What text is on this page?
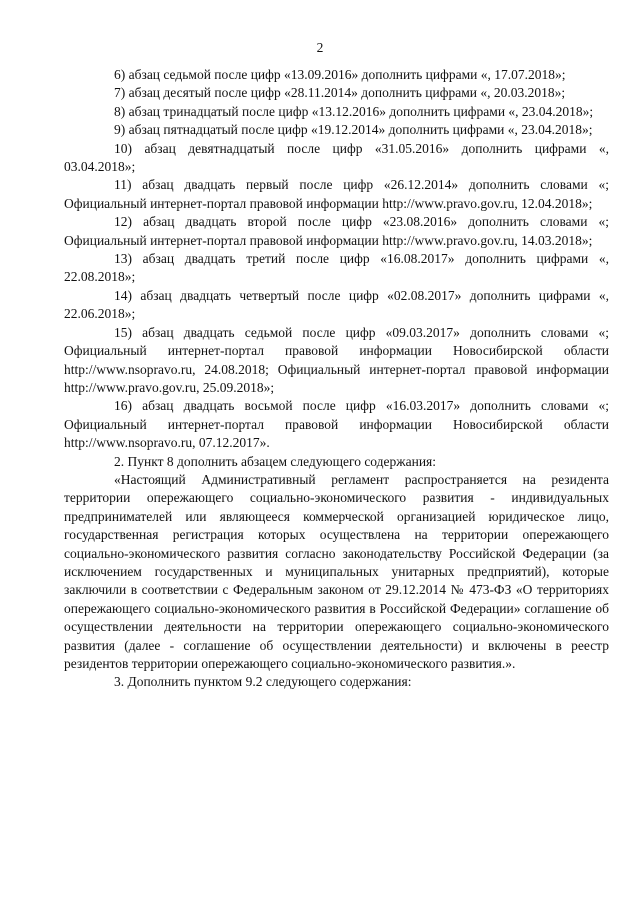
2

6) абзац седьмой после цифр «13.09.2016» дополнить цифрами «, 17.07.2018»;

7) абзац десятый после цифр «28.11.2014» дополнить цифрами «, 20.03.2018»;

8) абзац тринадцатый после цифр «13.12.2016» дополнить цифрами «, 23.04.2018»;

9) абзац пятнадцатый после цифр «19.12.2014» дополнить цифрами «, 23.04.2018»;

10) абзац девятнадцатый после цифр «31.05.2016» дополнить цифрами «, 03.04.2018»;

11) абзац двадцать первый после цифр «26.12.2014» дополнить словами «; Официальный интернет-портал правовой информации http://www.pravo.gov.ru, 12.04.2018»;

12) абзац двадцать второй после цифр «23.08.2016» дополнить словами «; Официальный интернет-портал правовой информации http://www.pravo.gov.ru, 14.03.2018»;

13) абзац двадцать третий после цифр «16.08.2017» дополнить цифрами «, 22.08.2018»;

14) абзац двадцать четвертый после цифр «02.08.2017» дополнить цифрами «, 22.06.2018»;

15) абзац двадцать седьмой после цифр «09.03.2017» дополнить словами «; Официальный интернет-портал правовой информации Новосибирской области http://www.nsopravo.ru, 24.08.2018; Официальный интернет-портал правовой информации http://www.pravo.gov.ru, 25.09.2018»;

16) абзац двадцать восьмой после цифр «16.03.2017» дополнить словами «; Официальный интернет-портал правовой информации Новосибирской области http://www.nsopravo.ru, 07.12.2017».

2. Пункт 8 дополнить абзацем следующего содержания:

«Настоящий Административный регламент распространяется на резидента территории опережающего социально-экономического развития - индивидуальных предпринимателей или являющееся коммерческой организацией юридическое лицо, государственная регистрация которых осуществлена на территории опережающего социально-экономического развития согласно законодательству Российской Федерации (за исключением государственных и муниципальных унитарных предприятий), которые заключили в соответствии с Федеральным законом от 29.12.2014 № 473-ФЗ «О территориях опережающего социально-экономического развития в Российской Федерации» соглашение об осуществлении деятельности на территории опережающего социально-экономического развития (далее - соглашение об осуществлении деятельности) и включены в реестр резидентов территории опережающего социально-экономического развития.».

3. Дополнить пунктом 9.2 следующего содержания:
